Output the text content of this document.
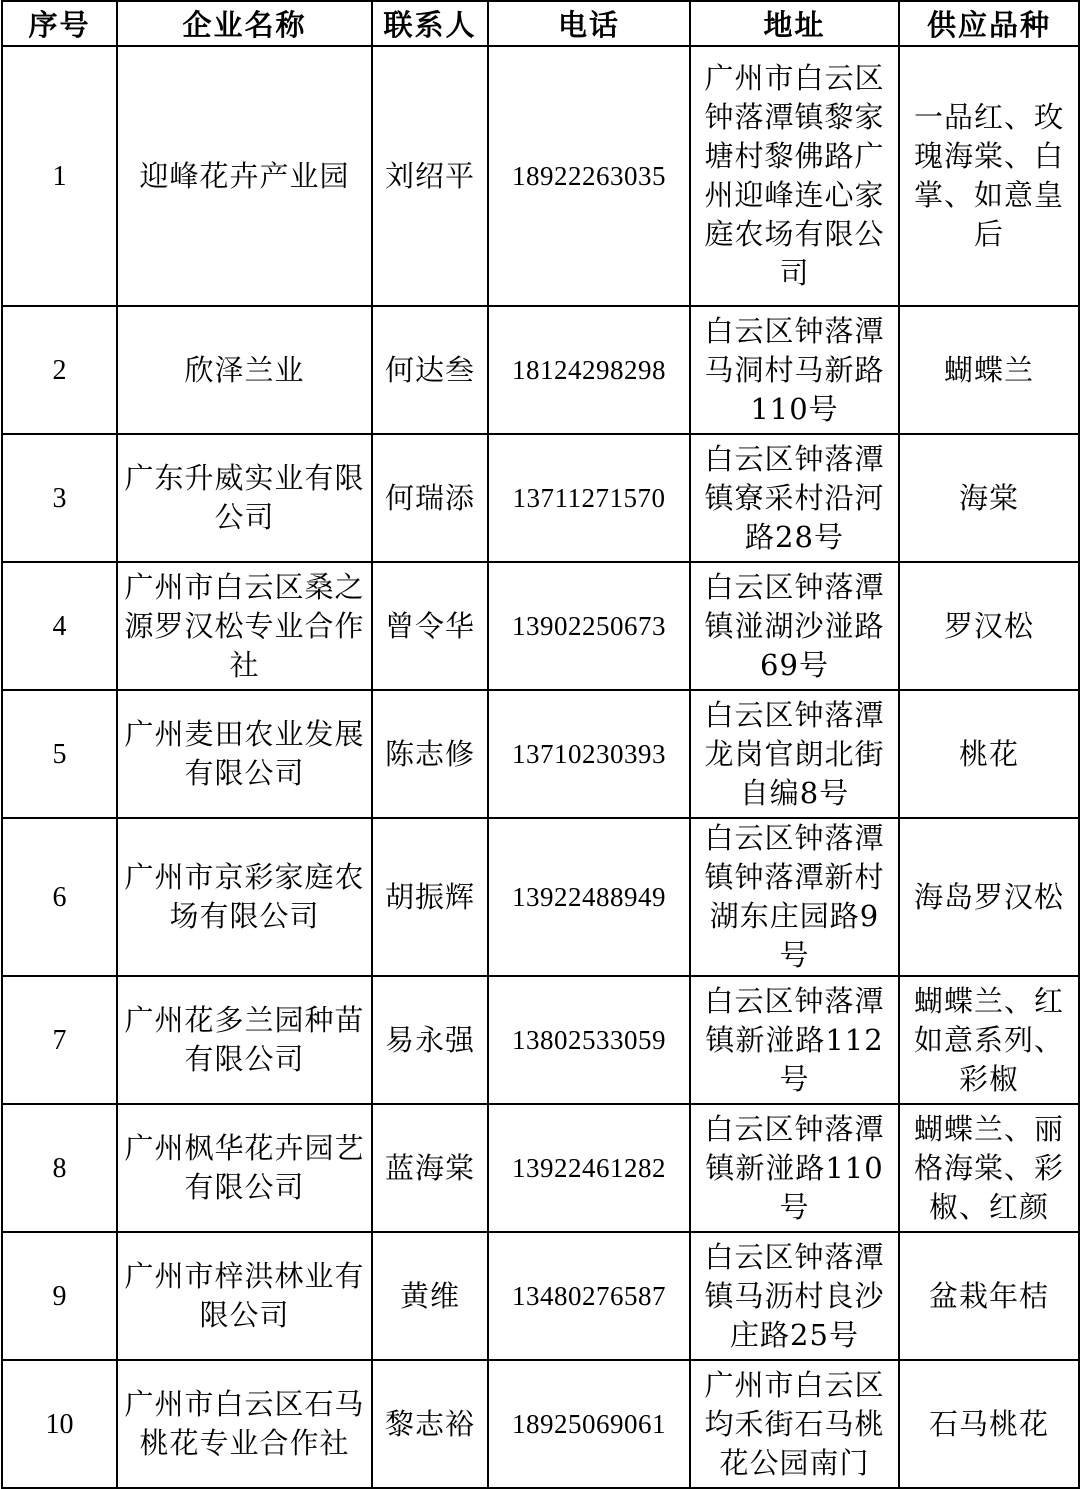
序号	企业名称	联系人	电话	地址	供应品种
1	迎峰花卉产业园	刘绍平	18922263035	广州市白云区钟落潭镇黎家塘村黎佛路广州迎峰连心家庭农场有限公司	一品红、玫瑰海棠、白掌、如意皇后
2	欣泽兰业	何达叁	18124298298	白云区钟落潭马洞村马新路110号	蝴蝶兰
3	广东升威实业有限公司	何瑞添	13711271570	白云区钟落潭镇寮采村沿河路28号	海棠
4	广州市白云区桑之源罗汉松专业合作社	曾令华	13902250673	白云区钟落潭镇湴湖沙湴路69号	罗汉松
5	广州麦田农业发展有限公司	陈志修	13710230393	白云区钟落潭龙岗官朗北街自编8号	桃花
6	广州市京彩家庭农场有限公司	胡振辉	13922488949	白云区钟落潭镇钟落潭新村湖东庄园路9号	海岛罗汉松
7	广州花多兰园种苗有限公司	易永强	13802533059	白云区钟落潭镇新湴路112号	蝴蝶兰、红如意系列、彩椒
8	广州枫华花卉园艺有限公司	蓝海棠	13922461282	白云区钟落潭镇新湴路110号	蝴蝶兰、丽格海棠、彩椒、红颜
9	广州市梓洪林业有限公司	黄维	13480276587	白云区钟落潭镇马沥村良沙庄路25号	盆栽年桔
10	广州市白云区石马桃花专业合作社	黎志裕	18925069061	广州市白云区均禾街石马桃花公园南门	石马桃花
